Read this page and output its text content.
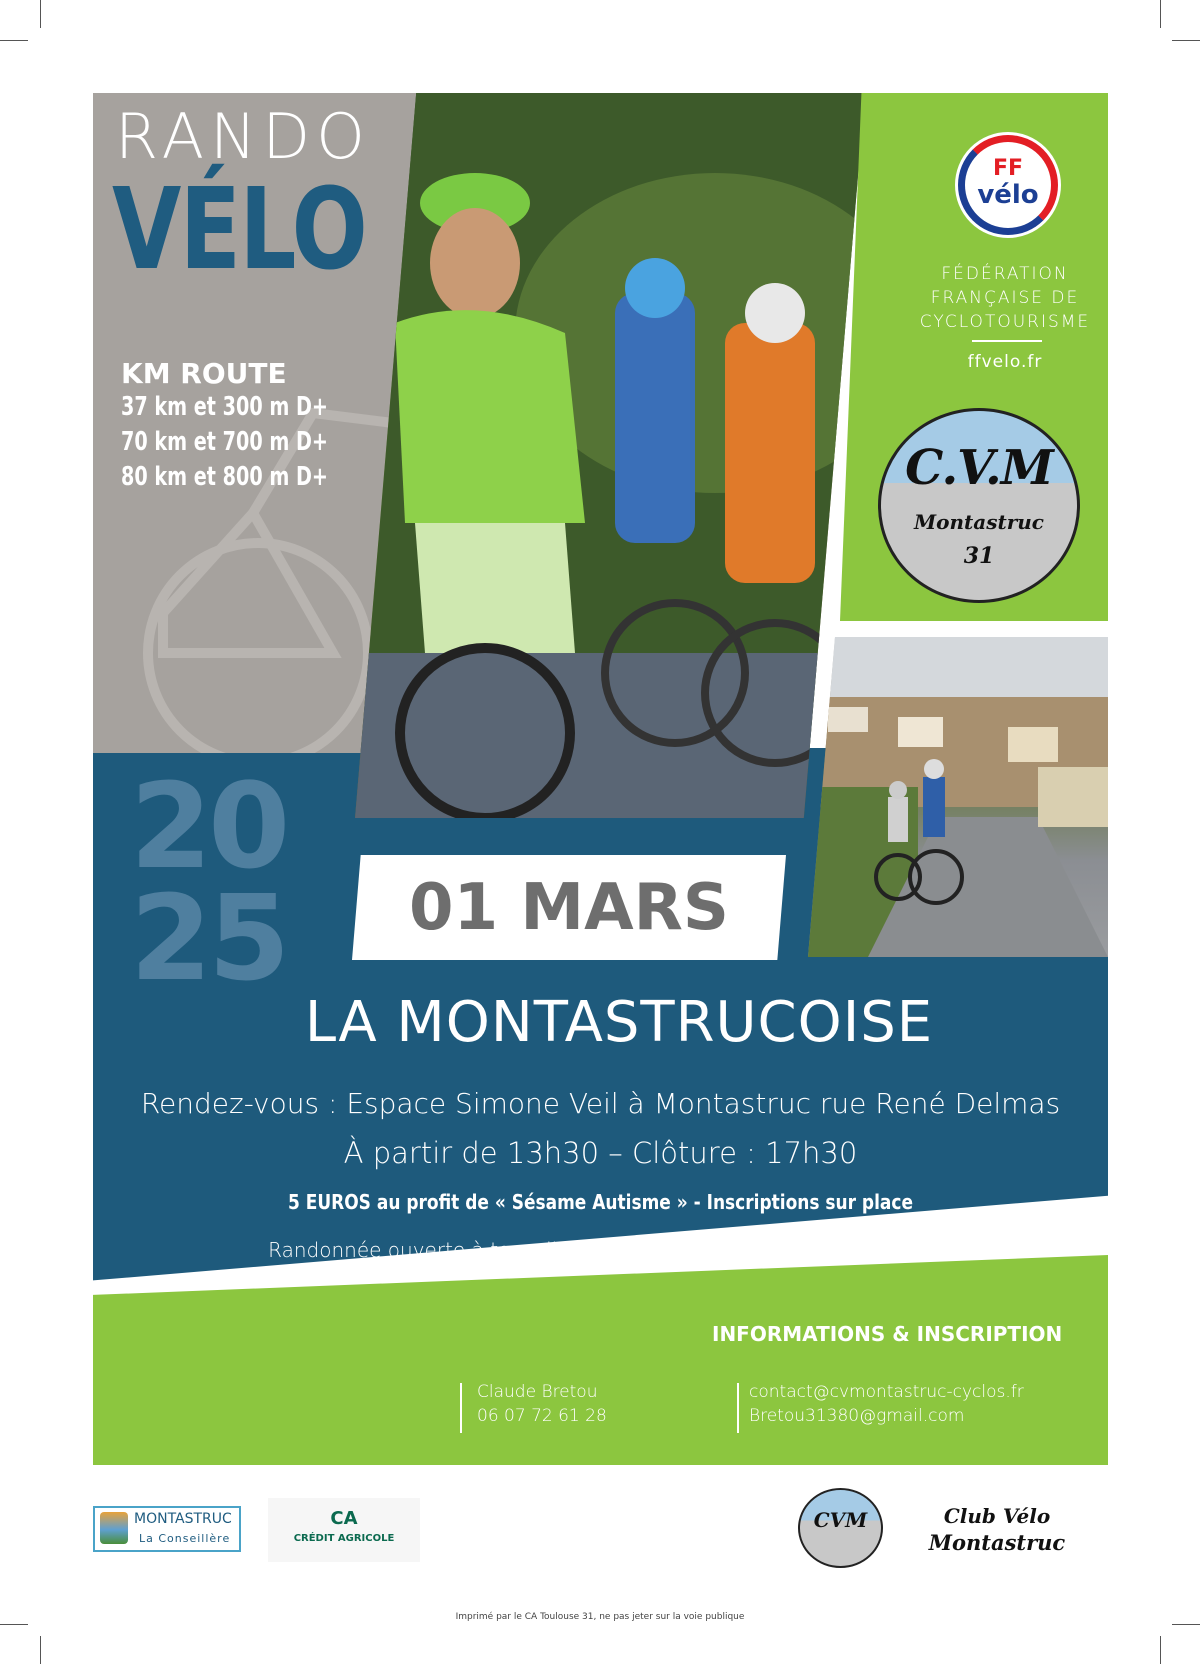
RANDO
VÉLO
KM ROUTE
37 km et 300 m D+
70 km et 700 m D+
80 km et 800 m D+
20
25	01 MARS
LA MONTASTRUCOISE
Rendez-vous : Espace Simone Veil à Montastruc rue René Delmas
À partir de 13h30 – Clôture : 17h30
5 EUROS au profit de « Sésame Autisme » - Inscriptions sur place
Randonnée ouverte à tous, licenciés ou non - Ravitaillement offert
INFORMATIONS & INSCRIPTION
Claude Bretou
06 07 72 61 28
contact@cvmontastruc-cyclos.fr
Bretou31380@gmail.com
FF
vélo
FÉDÉRATION
FRANÇAISE DE
CYCLOTOURISME
ffvelo.fr
C.V.M
Montastruc
31
MONTASTRUC
La Conseillère
CA
CRÉDIT AGRICOLE
CVM	Club Vélo
Montastruc
Imprimé par le CA Toulouse 31, ne pas jeter sur la voie publique
